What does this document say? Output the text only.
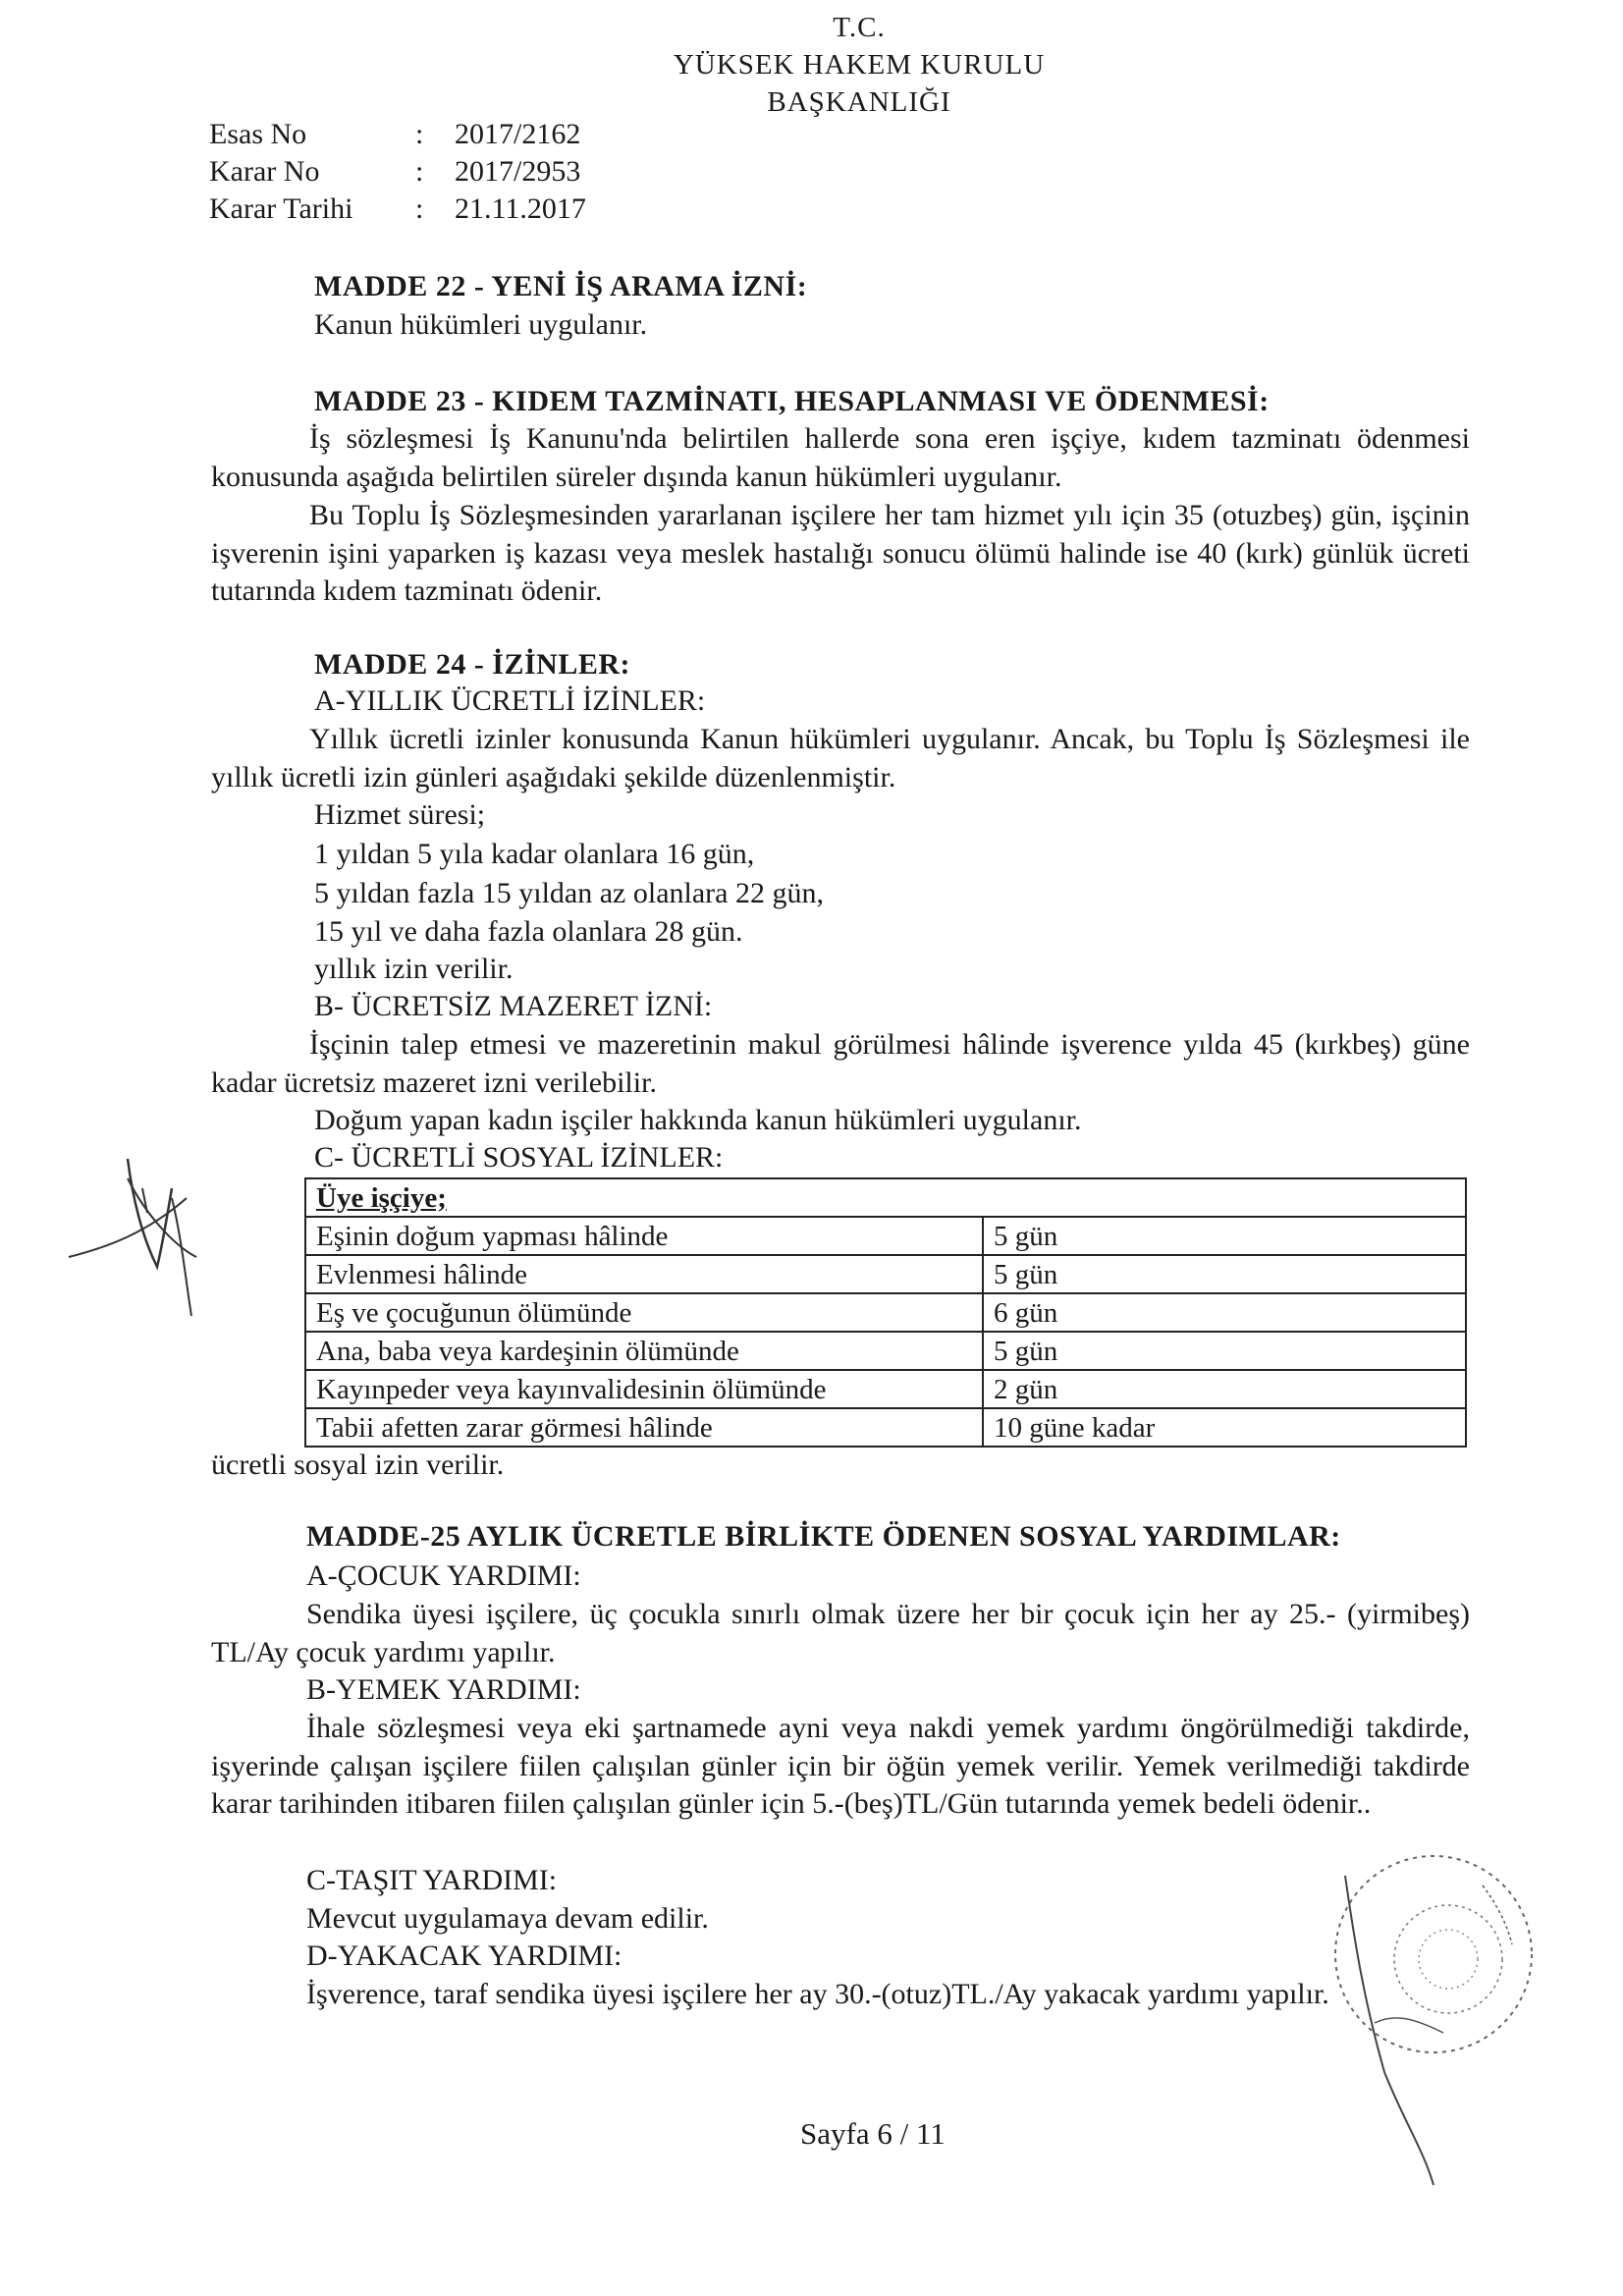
T.C.
YÜKSEK HAKEM KURULU
BAŞKANLIĞI
Esas No	: 2017/2162
Karar No	: 2017/2953
Karar Tarihi	: 21.11.2017
MADDE 22 - YENİ İŞ ARAMA İZNİ:
Kanun hükümleri uygulanır.
MADDE 23 - KIDEM TAZMİNATI, HESAPLANMASI VE ÖDENMESİ:
İş sözleşmesi İş Kanunu'nda belirtilen hallerde sona eren işçiye, kıdem tazminatı ödenmesi konusunda aşağıda belirtilen süreler dışında kanun hükümleri uygulanır.
Bu Toplu İş Sözleşmesinden yararlanan işçilere her tam hizmet yılı için 35 (otuzbeş) gün, işçinin işverenin işini yaparken iş kazası veya meslek hastalığı sonucu ölümü halinde ise 40 (kırk) günlük ücreti tutarında kıdem tazminatı ödenir.
MADDE 24 - İZİNLER:
A-YILLIK ÜCRETLİ İZİNLER:
Yıllık ücretli izinler konusunda Kanun hükümleri uygulanır. Ancak, bu Toplu İş Sözleşmesi ile yıllık ücretli izin günleri aşağıdaki şekilde düzenlenmiştir.
Hizmet süresi;
1 yıldan 5 yıla kadar olanlara 16 gün,
5 yıldan fazla 15 yıldan az olanlara 22 gün,
15 yıl ve daha fazla olanlara 28 gün.
yıllık izin verilir.
B- ÜCRETSİZ MAZERET İZNİ:
İşçinin talep etmesi ve mazeretinin makul görülmesi hâlinde işverence yılda 45 (kırkbeş) güne kadar ücretsiz mazeret izni verilebilir.
Doğum yapan kadın işçiler hakkında kanun hükümleri uygulanır.
C- ÜCRETLİ SOSYAL İZİNLER:
Üye işçiye;	
Eşinin doğum yapması hâlinde	5 gün
Evlenmesi hâlinde	5 gün
Eş ve çocuğunun ölümünde	6 gün
Ana, baba veya kardeşinin ölümünde	5 gün
Kayınpeder veya kayınvalidesinin ölümünde	2 gün
Tabii afetten zarar görmesi hâlinde	10 güne kadar
ücretli sosyal izin verilir.
MADDE-25 AYLIK ÜCRETLE BİRLİKTE ÖDENEN SOSYAL YARDIMLAR:
A-ÇOCUK YARDIMI:
Sendika üyesi işçilere, üç çocukla sınırlı olmak üzere her bir çocuk için her ay 25.- (yirmibeş) TL/Ay çocuk yardımı yapılır.
B-YEMEK YARDIMI:
İhale sözleşmesi veya eki şartnamede ayni veya nakdi yemek yardımı öngörülmediği takdirde, işyerinde çalışan işçilere fiilen çalışılan günler için bir öğün yemek verilir. Yemek verilmediği takdirde karar tarihinden itibaren fiilen çalışılan günler için 5.-(beş)TL/Gün tutarında yemek bedeli ödenir..
C-TAŞIT YARDIMI:
Mevcut uygulamaya devam edilir.
D-YAKACAK YARDIMI:
İşverence, taraf sendika üyesi işçilere her ay 30.-(otuz)TL./Ay yakacak yardımı yapılır.
Sayfa 6 / 11
